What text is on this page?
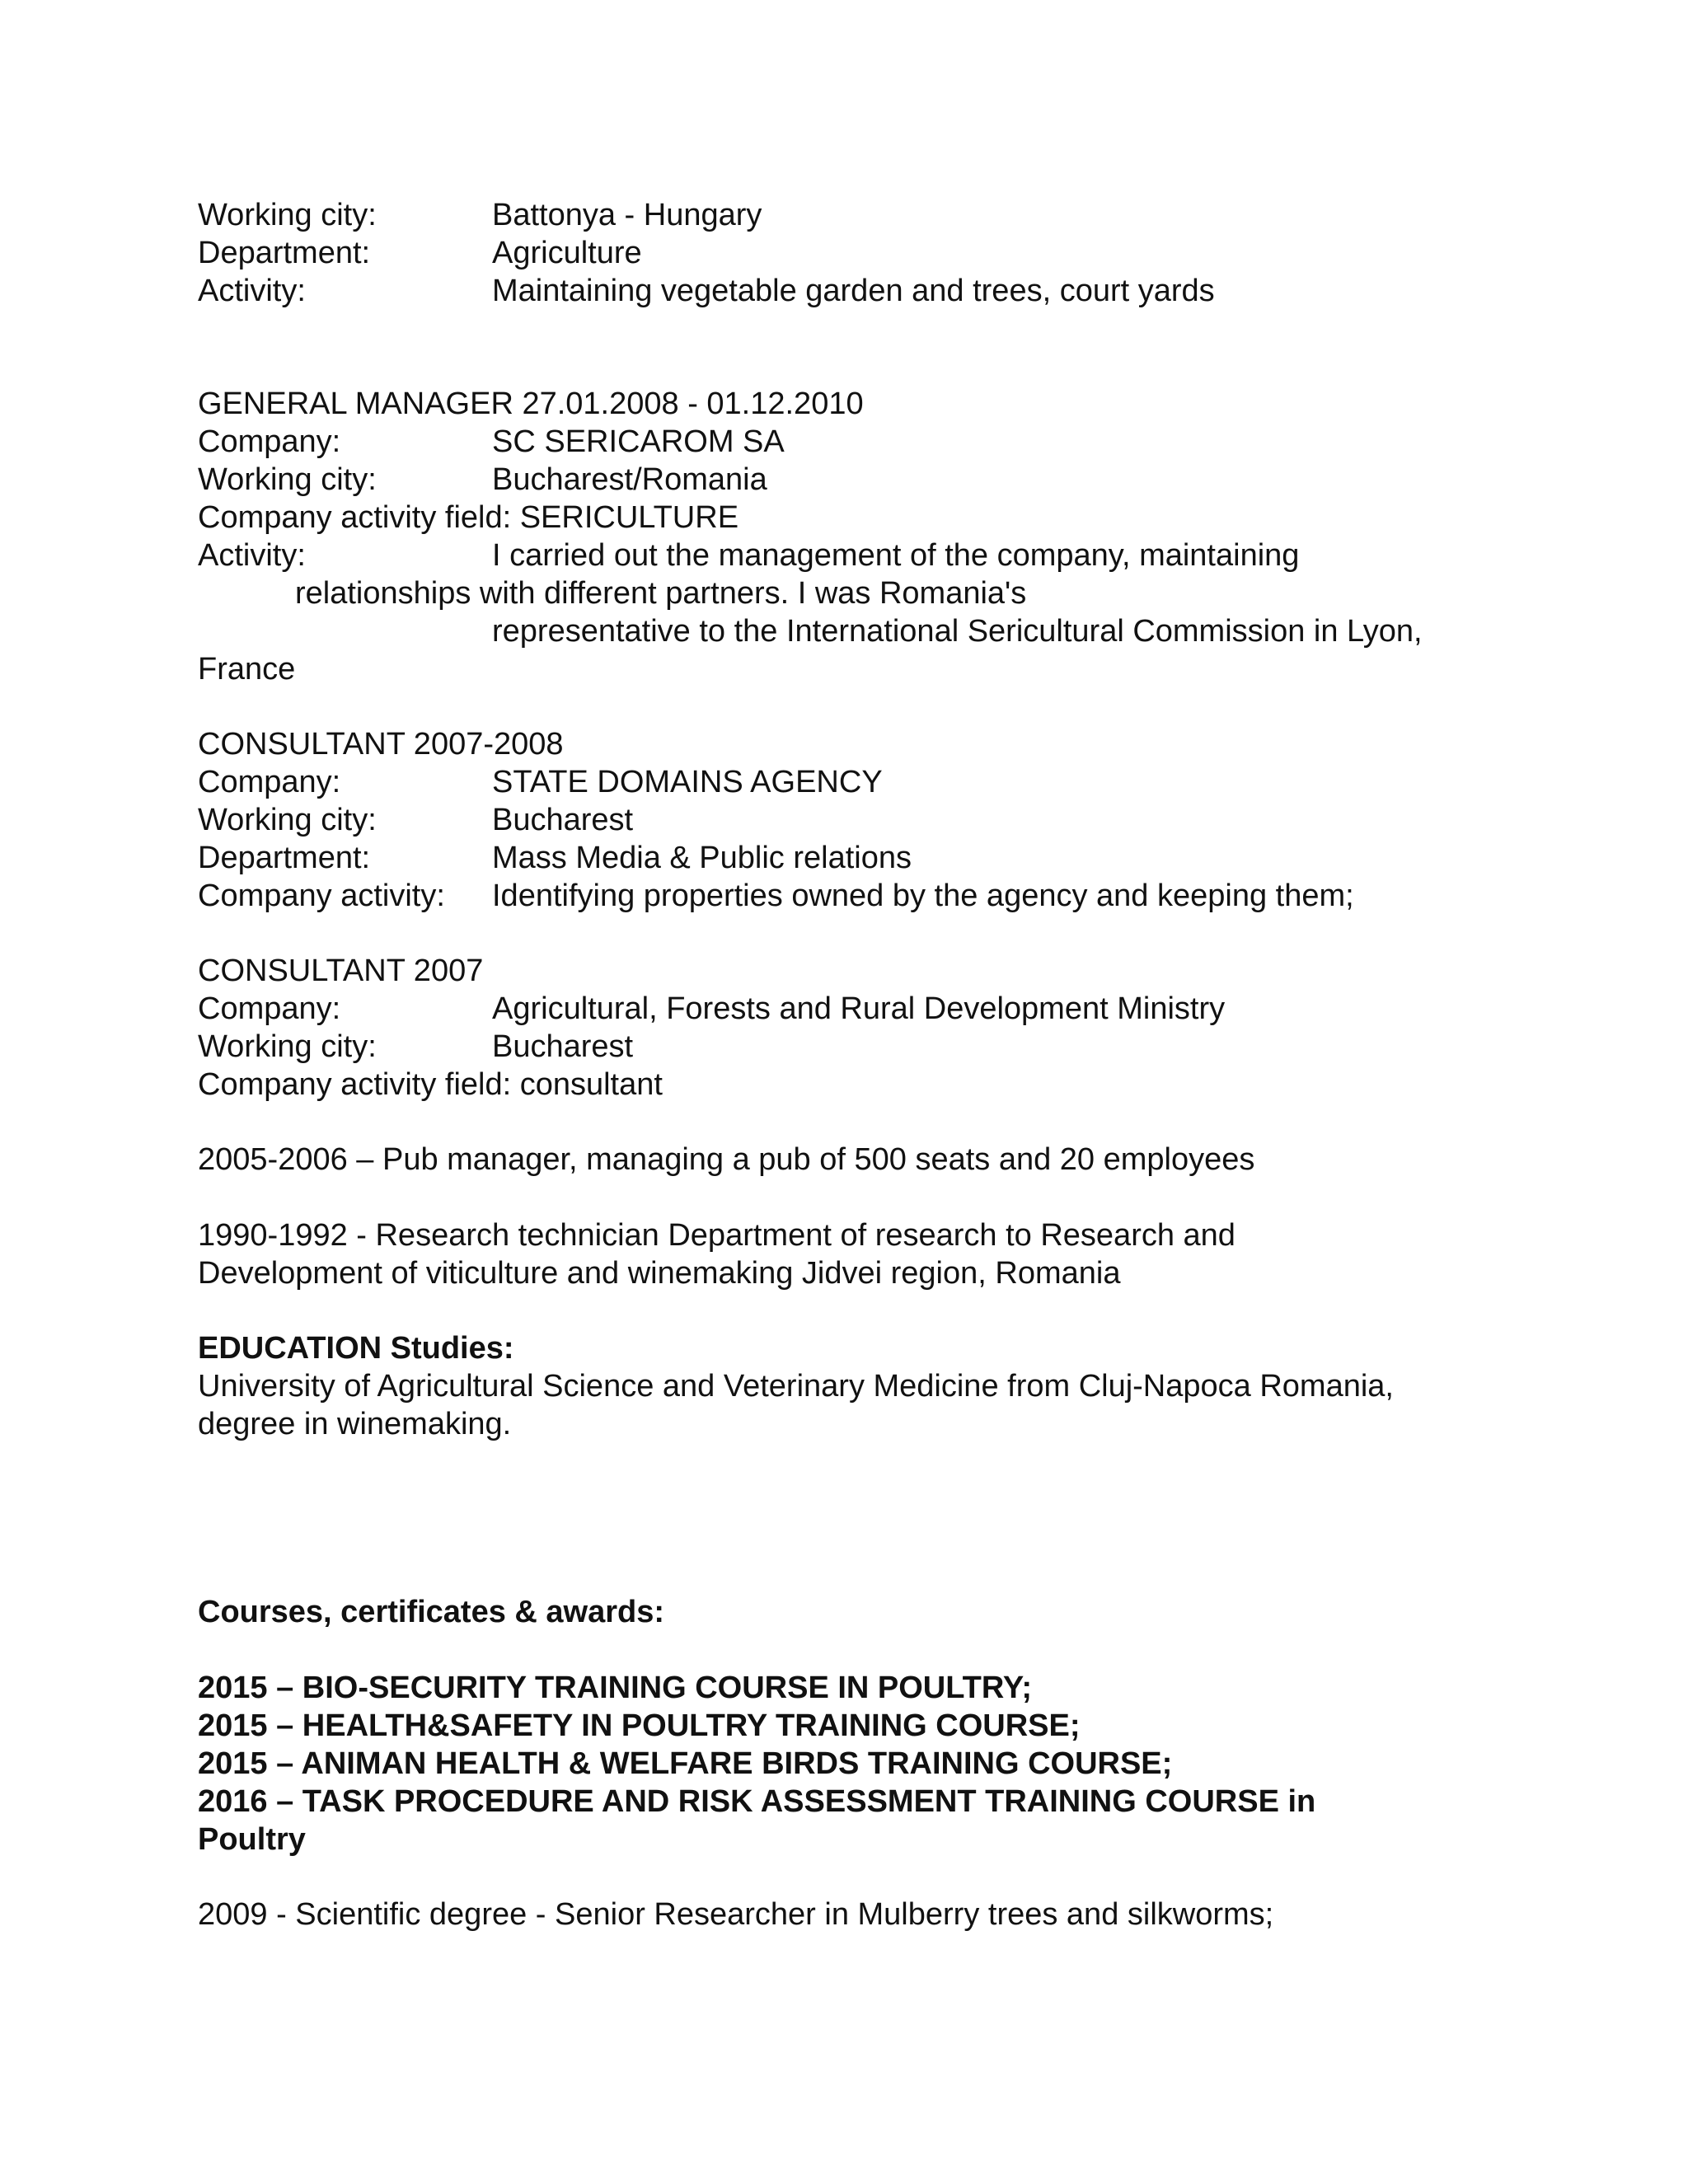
Working city:	Battonya - Hungary
Department:	Agriculture
Activity:	Maintaining vegetable garden and trees, court yards
GENERAL MANAGER 27.01.2008 - 01.12.2010
Company:	SC SERICAROM SA
Working city:	Bucharest/Romania
Company activity field: SERICULTURE
Activity:	I carried out the management of the company, maintaining
relationships with different partners. I was Romania's
representative to the International Sericultural Commission in Lyon,
France
CONSULTANT 2007-2008
Company:	STATE DOMAINS AGENCY
Working city:	Bucharest
Department:	Mass Media & Public relations
Company activity: Identifying properties owned by the agency and keeping them;
CONSULTANT 2007
Company:	Agricultural, Forests and Rural Development Ministry
Working city:	Bucharest
Company activity field: consultant
2005-2006 – Pub manager, managing a pub of 500 seats and 20 employees
1990-1992 - Research technician Department of research to Research and
Development of viticulture and winemaking Jidvei region, Romania
EDUCATION Studies:
University of Agricultural Science and Veterinary Medicine from Cluj-Napoca Romania,
degree in winemaking.
Courses, certificates & awards:
2015 – BIO-SECURITY TRAINING COURSE IN POULTRY;
2015 – HEALTH&SAFETY IN POULTRY TRAINING COURSE;
2015 – ANIMAN HEALTH & WELFARE BIRDS TRAINING COURSE;
2016 – TASK PROCEDURE AND RISK ASSESSMENT TRAINING COURSE in
Poultry
2009 - Scientific degree - Senior Researcher in Mulberry trees and silkworms;
